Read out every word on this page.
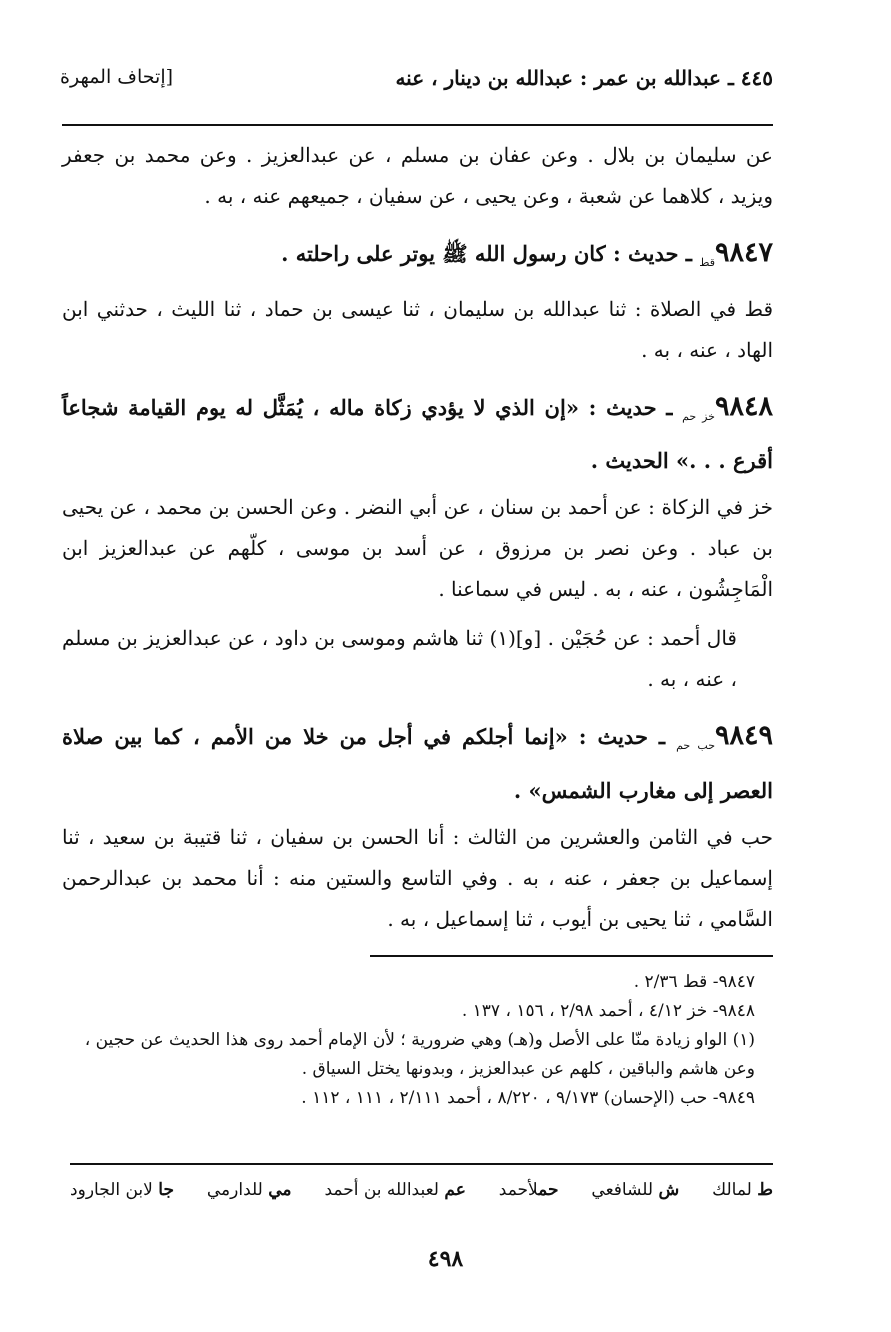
٤٤٥ ـ عبدالله بن عمر : عبدالله بن دينار ، عنه
[إتحاف المهرة

عن سليمان بن بلال . وعن عفان بن مسلم ، عن عبدالعزيز . وعن محمد بن جعفر ويزيد ، كلاهما عن شعبة ، وعن يحيى ، عن سفيان ، جميعهم عنه ، به .

$٩٨٤٧_{قط}$ ـ حديث : كان رسول الله ﷺ يوتر على راحلته .

قط في الصلاة : ثنا عبدالله بن سليمان ، ثنا عيسى بن حماد ، ثنا الليث ، حدثني ابن الهاد ، عنه ، به .

$٩٨٤٨_{خز حم}$ ـ حديث : «إن الذي لا يؤدي زكاة ماله ، يُمَثَّل له يوم القيامة شجاعاً أقرع . . .» الحديث .

خز في الزكاة : عن أحمد بن سنان ، عن أبي النضر . وعن الحسن بن محمد ، عن يحيى بن عباد . وعن نصر بن مرزوق ، عن أسد بن موسى ، كلّهم عن عبدالعزيز ابن الْمَاجِشُون ، عنه ، به . ليس في سماعنا .

قال أحمد : عن حُجَيْن . [و](١) ثنا هاشم وموسى بن داود ، عن عبدالعزيز بن مسلم ، عنه ، به .

$٩٨٤٩_{حب حم}$ ـ حديث : «إنما أجلكم في أجل من خلا من الأمم ، كما بين صلاة العصر إلى مغارب الشمس» .

حب في الثامن والعشرين من الثالث : أنا الحسن بن سفيان ، ثنا قتيبة بن سعيد ، ثنا إسماعيل بن جعفر ، عنه ، به . وفي التاسع والستين منه : أنا محمد بن عبدالرحمن السَّامي ، ثنا يحيى بن أيوب ، ثنا إسماعيل ، به .

٩٨٤٧- قط ٢/٣٦ .

٩٨٤٨- خز ٤/١٢ ، أحمد ٢/٩٨ ، ١٥٦ ، ١٣٧ .

(١) الواو زيادة منّا على الأصل و(هـ) وهي ضرورية ؛ لأن الإمام أحمد روى هذا الحديث عن حجين ، وعن هاشم والباقين ، كلهم عن عبدالعزيز ، وبدونها يختل السياق .

٩٨٤٩- حب (الإحسان) ٩/١٧٣ ، ٨/٢٢٠ ، أحمد ٢/١١١ ، ١١١ ، ١١٢ .

ط لمالك
ش للشافعي
حملأحمد
عم لعبدالله بن أحمد
مي للدارمي
جا لابن الجارود
٤٩٨
